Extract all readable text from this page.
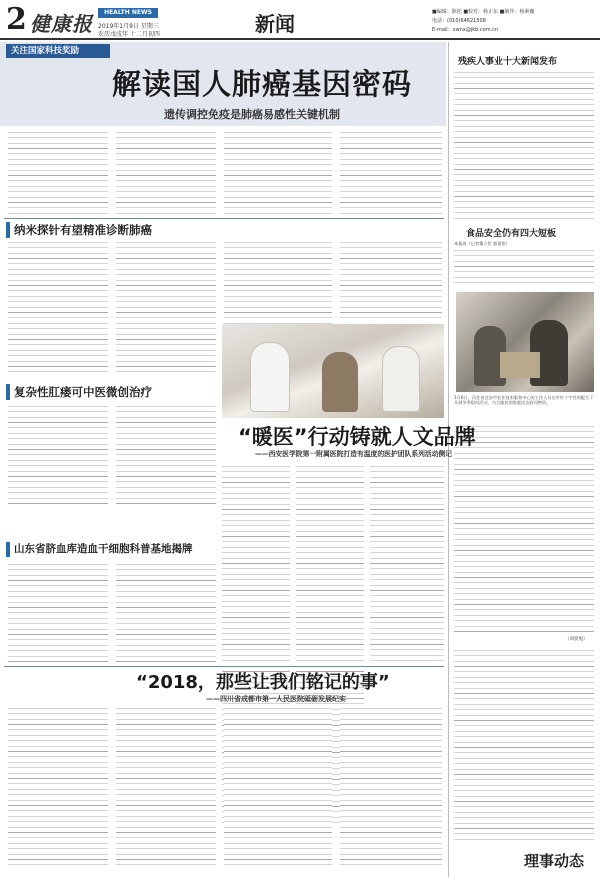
2 健康报	HEALTH NEWS
2019年1月9日 星期三
农历戊戌年 十二月初四	新闻	■编辑：陈松 ■校对：杨正东 ■制作：杨素巍
电话：(010)64621508
E-mail：xwnx@jkb.com.cn
关注国家科技奖励
解读国人肺癌基因密码
遗传调控免疫是肺癌易感性关键机制
残疾人事业十大新闻发布
食品安全仍有四大短板
本报讯（记者董立臣 郭嘉怡）
1月6日，河北省迁安市农业技术服务中心的工作人员在市红十字会的配合下开展冬季慰问活动，为当地贫困家庭送去慰问物资。
（刘晨旭）
理事动态
纳米探针有望精准诊断肺癌
复杂性肛瘘可中医微创治疗
“暖医”行动铸就人文品牌
——西安医学院第一附属医院打造有温度的医护团队系列活动侧记
山东省脐血库造血干细胞科普基地揭牌
“2018，那些让我们铭记的事”
——四川省成都市第一人民医院砥砺发展纪实
